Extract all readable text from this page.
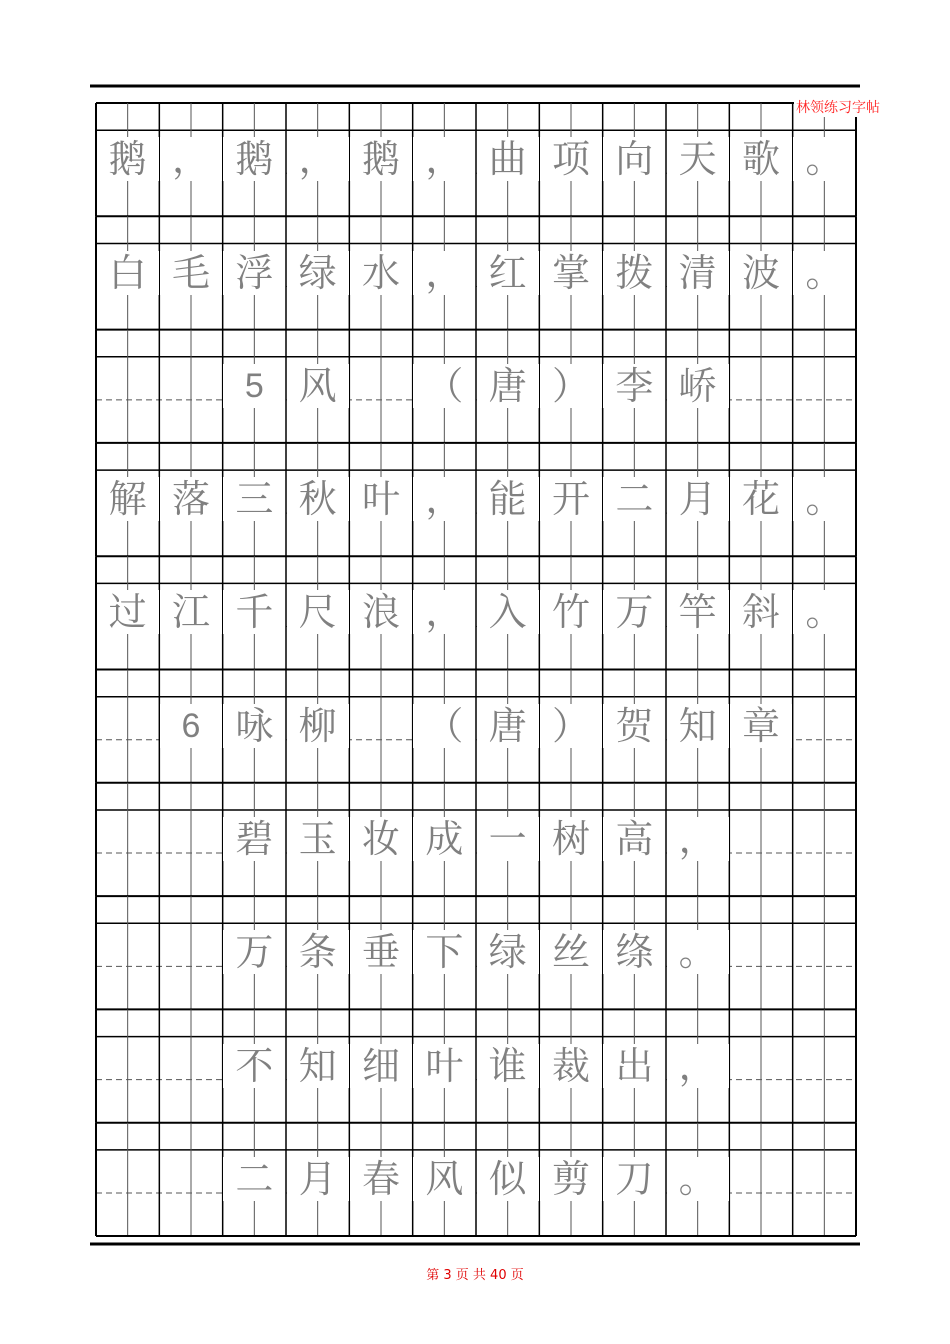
鹅 ， 鹅 ， 鹅 ， 曲 项 向 天 歌 。
白 毛 浮 绿 水 ， 红 掌 拨 清 波 。
5 风	（ 唐 ） 李 峤
解 落 三 秋 叶 ， 能 开 二 月 花 。
过 江 千 尺 浪 ， 入 竹 万 竿 斜 。
6 咏 柳	（ 唐 ） 贺 知 章
碧 玉 妆 成 一 树 高 ，
万 条 垂 下 绿 丝 绦 。
不 知 细 叶 谁 裁 出 ，
二 月 春 风 似 剪 刀 。
林领练习字帖
第 3 页 共 40 页
